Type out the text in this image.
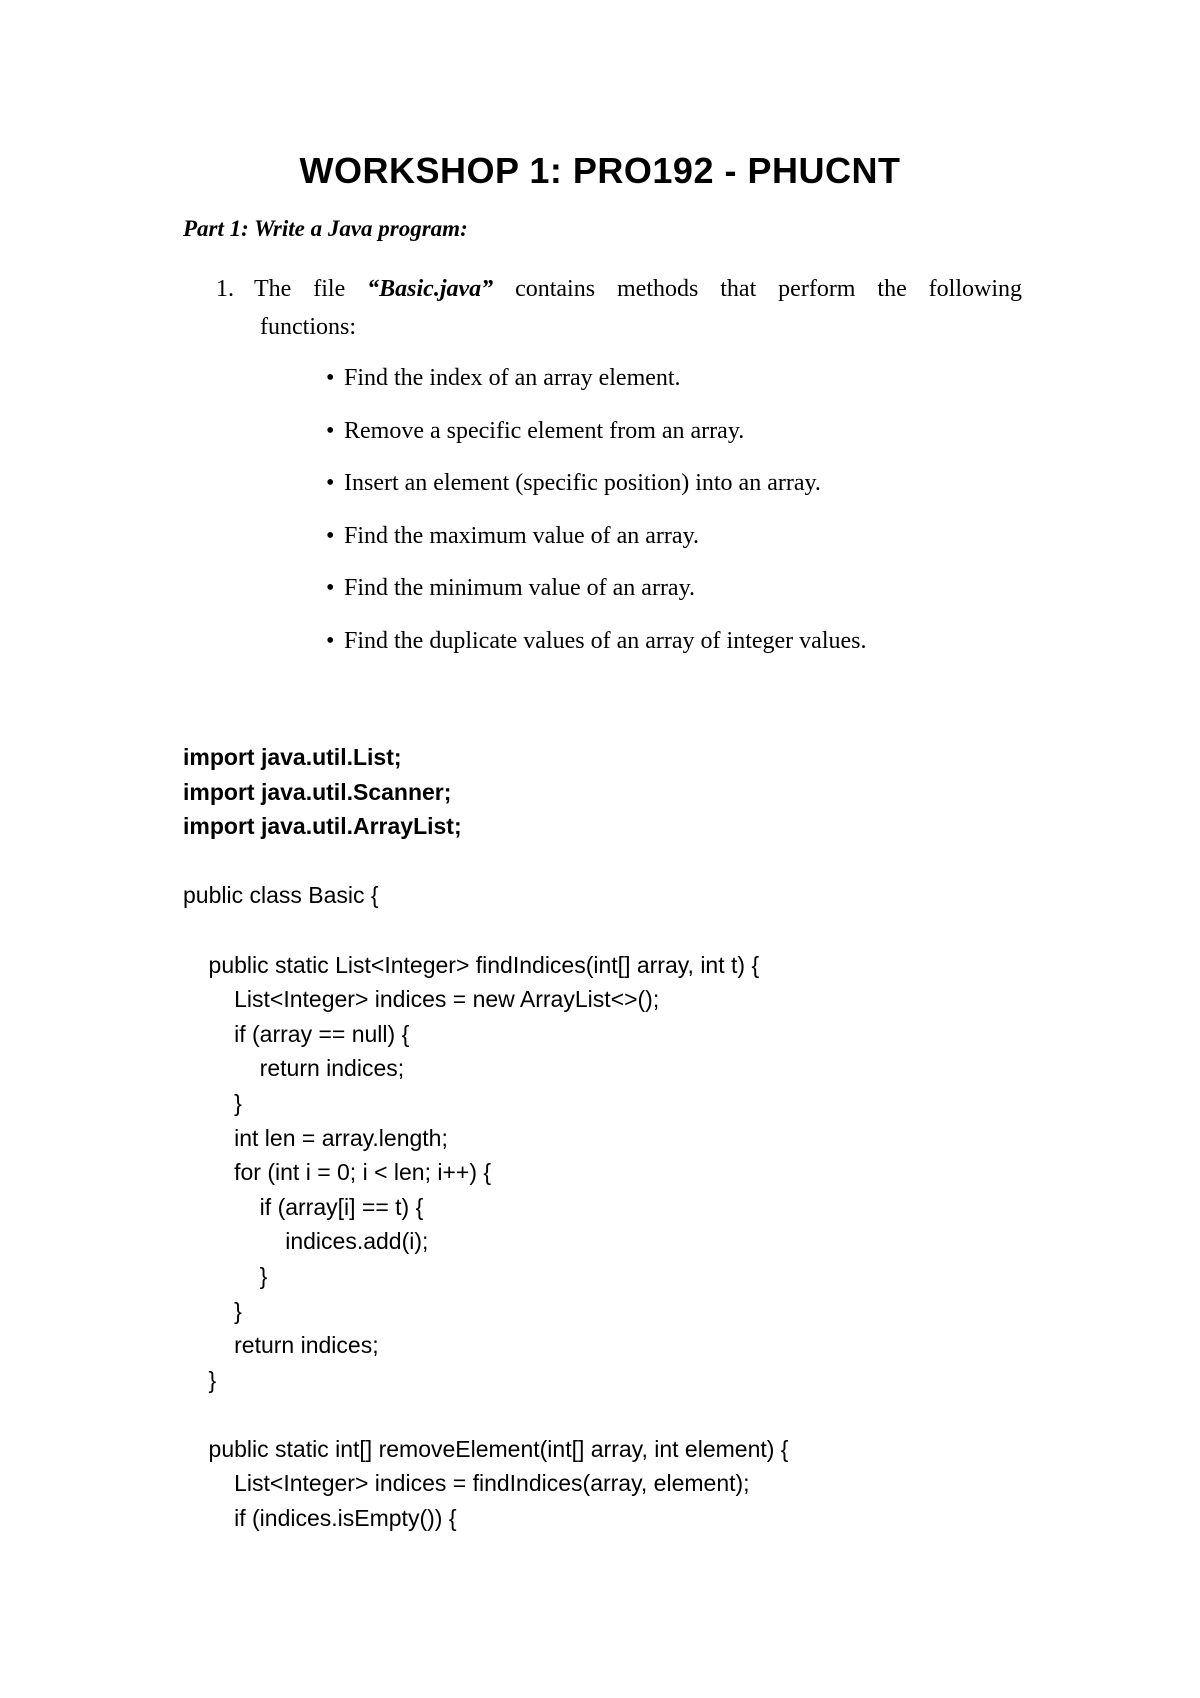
WORKSHOP 1: PRO192 - PHUCNT

Part 1: Write a Java program:

1. The file “Basic.java” contains methods that perform the following
functions:
• Find the index of an array element.
• Remove a specific element from an array.
• Insert an element (specific position) into an array.
• Find the maximum value of an array.
• Find the minimum value of an array.
• Find the duplicate values of an array of integer values.
import java.util.List;
import java.util.Scanner;
import java.util.ArrayList;
public class Basic {
public static List<Integer> findIndices(int[] array, int t) {
List<Integer> indices = new ArrayList<>();
if (array == null) {
return indices;
}
int len = array.length;
for (int i = 0; i < len; i++) {
if (array[i] == t) {
indices.add(i);
}
}
return indices;
}
public static int[] removeElement(int[] array, int element) {
List<Integer> indices = findIndices(array, element);
if (indices.isEmpty()) {
